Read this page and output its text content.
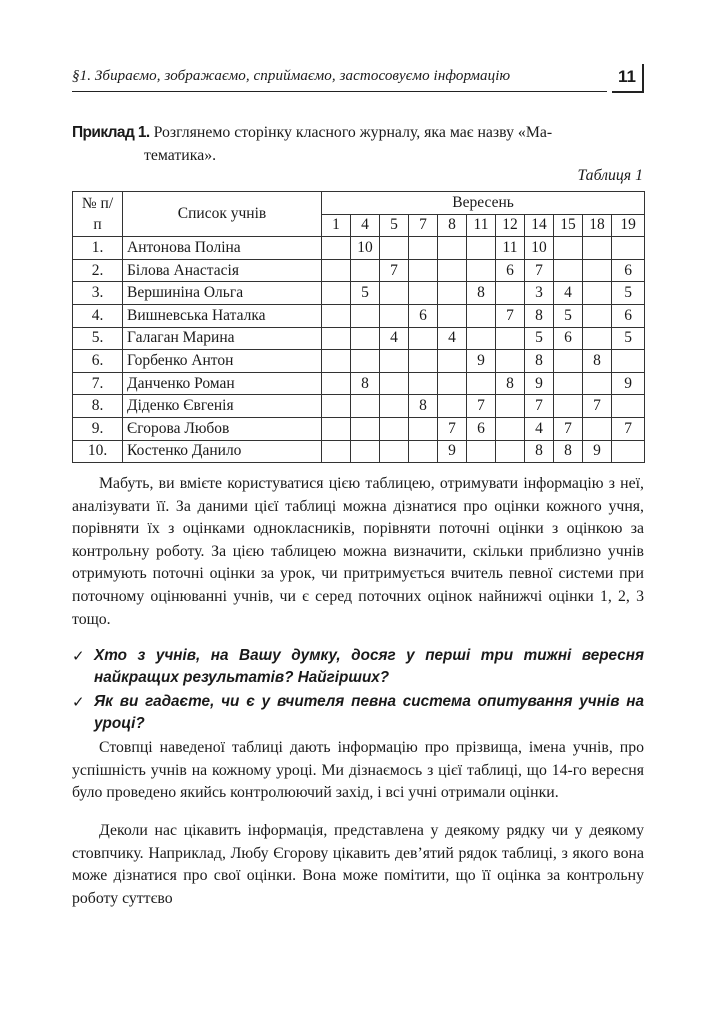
§1. Збираємо, зображаємо, сприймаємо, застосовуємо інформацію	11
Приклад 1. Розглянемо сторінку класного журналу, яка має назву «Ма-
тематика».
Таблиця 1
№ п/п	Список учнів	Вересень										
		1	4	5	7	8	11	12	14	15	18	19
1.	Антонова Поліна		10					11	10			
2.	Білова Анастасія			7				6	7			6
3.	Вершиніна Ольга		5				8		3	4		5
4.	Вишневська Наталка				6			7	8	5		6
5.	Галаган Марина			4		4			5	6		5
6.	Горбенко Антон						9		8		8	
7.	Данченко Роман		8					8	9			9
8.	Діденко Євгенія				8		7		7		7	
9.	Єгорова Любов					7	6		4	7		7
10.	Костенко Данило					9			8	8	9	
Мабуть, ви вмієте користуватися цією таблицею, отримувати інформацію з неї, аналізувати її. За даними цієї таблиці можна дізнатися про оцінки кожного учня, порівняти їх з оцінками однокласників, порівняти поточні оцінки з оцінкою за контрольну роботу. За цією таблицею можна визначити, скільки приблизно учнів отримують поточні оцінки за урок, чи притримується вчитель певної системи при поточному оцінюванні учнів, чи є серед поточних оцінок найнижчі оцінки 1, 2, 3 тощо.
✓ Хто з учнів, на Вашу думку, досяг у перші три тижні вересня найкращих результатів? Найгірших?
✓ Як ви гадаєте, чи є у вчителя певна система опитування учнів на уроці?
Стовпці наведеної таблиці дають інформацію про прізвища, імена учнів, про успішність учнів на кожному уроці. Ми дізнаємось з цієї таблиці, що 14-го вересня було проведено якийсь контролюючий захід, і всі учні отримали оцінки.
Деколи нас цікавить інформація, представлена у деякому рядку чи у деякому стовпчику. Наприклад, Любу Єгорову цікавить дев’ятий рядок таблиці, з якого вона може дізнатися про свої оцінки. Вона може помітити, що її оцінка за контрольну роботу суттєво
